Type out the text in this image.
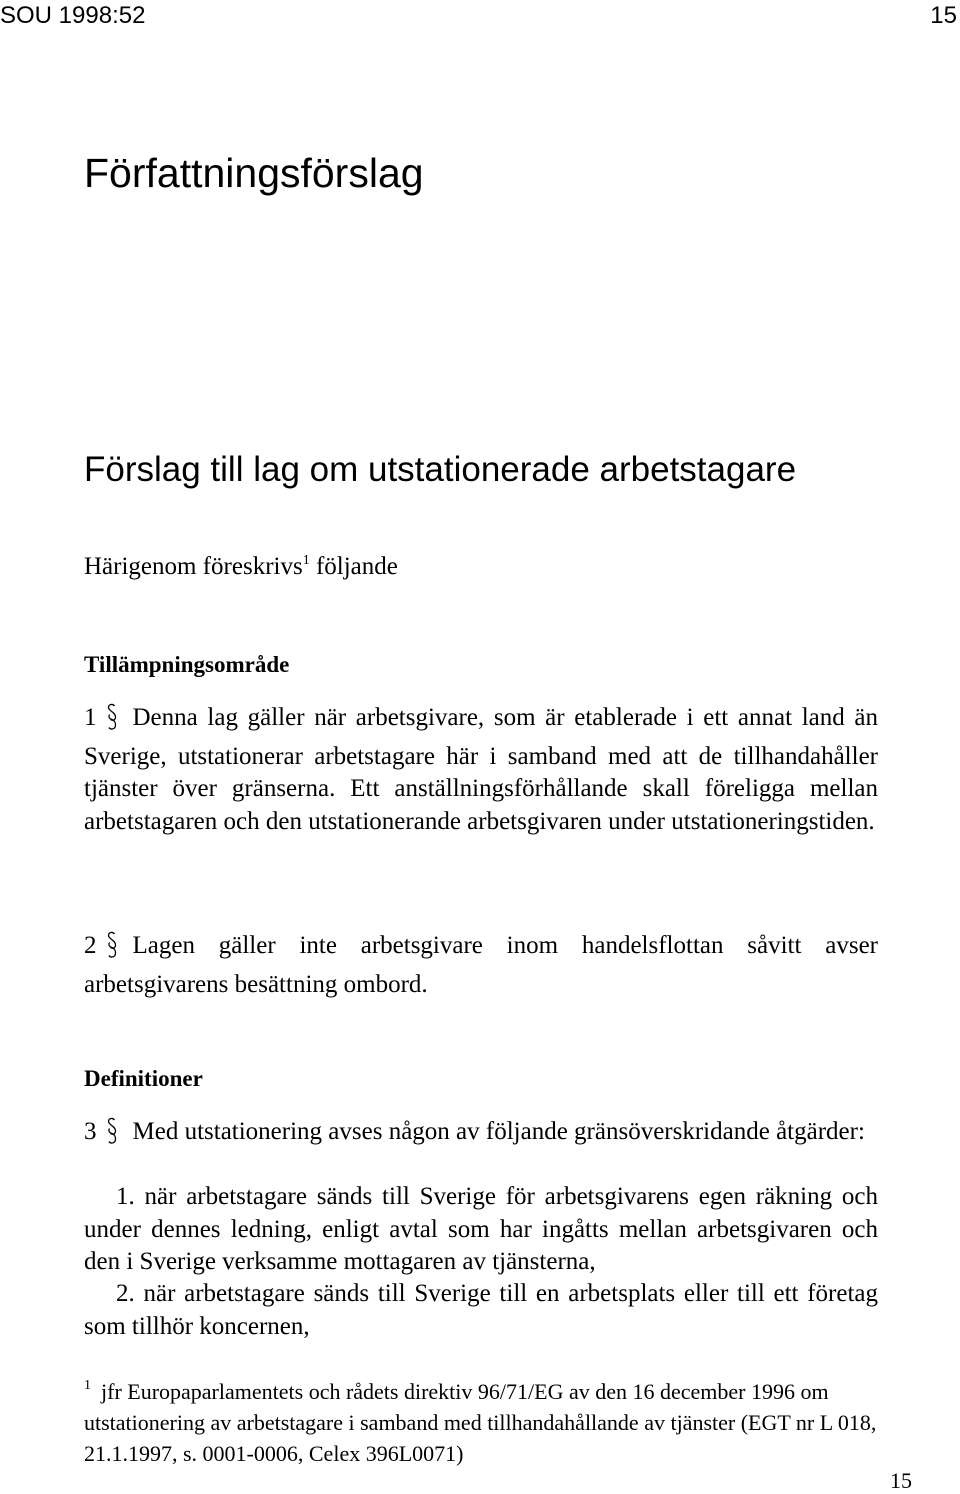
SOU 1998:52	15
Författningsförslag
Förslag till lag om utstationerade arbetstagare

Härigenom föreskrivs$^1$ följande

Tillämpningsområde

1 Denna lag gäller när arbetsgivare, som är etablerade i ett annat land än Sverige, utstationerar arbetstagare här i samband med att de tillhandahåller tjänster över gränserna. Ett anställningsförhållande skall föreligga mellan arbetstagaren och den utstationerande arbetsgivaren under utstationeringstiden.

2 Lagen gäller inte arbetsgivare inom handelsflottan såvitt avser arbetsgivarens besättning ombord.

Definitioner

3 Med utstationering avses någon av följande gränsöverskridande åtgärder:

1. när arbetstagare sänds till Sverige för arbetsgivarens egen räkning och under dennes ledning, enligt avtal som har ingåtts mellan arbetsgivaren och den i Sverige verksamme mottagaren av tjänsterna,

2. när arbetstagare sänds till Sverige till en arbetsplats eller till ett företag som tillhör koncernen,

$^1$ jfr Europaparlamentets och rådets direktiv 96/71/EG av den 16 december 1996 om utstationering av arbetstagare i samband med tillhandahållande av tjänster (EGT nr L 018, 21.1.1997, s. 0001-0006, Celex 396L0071)

15
